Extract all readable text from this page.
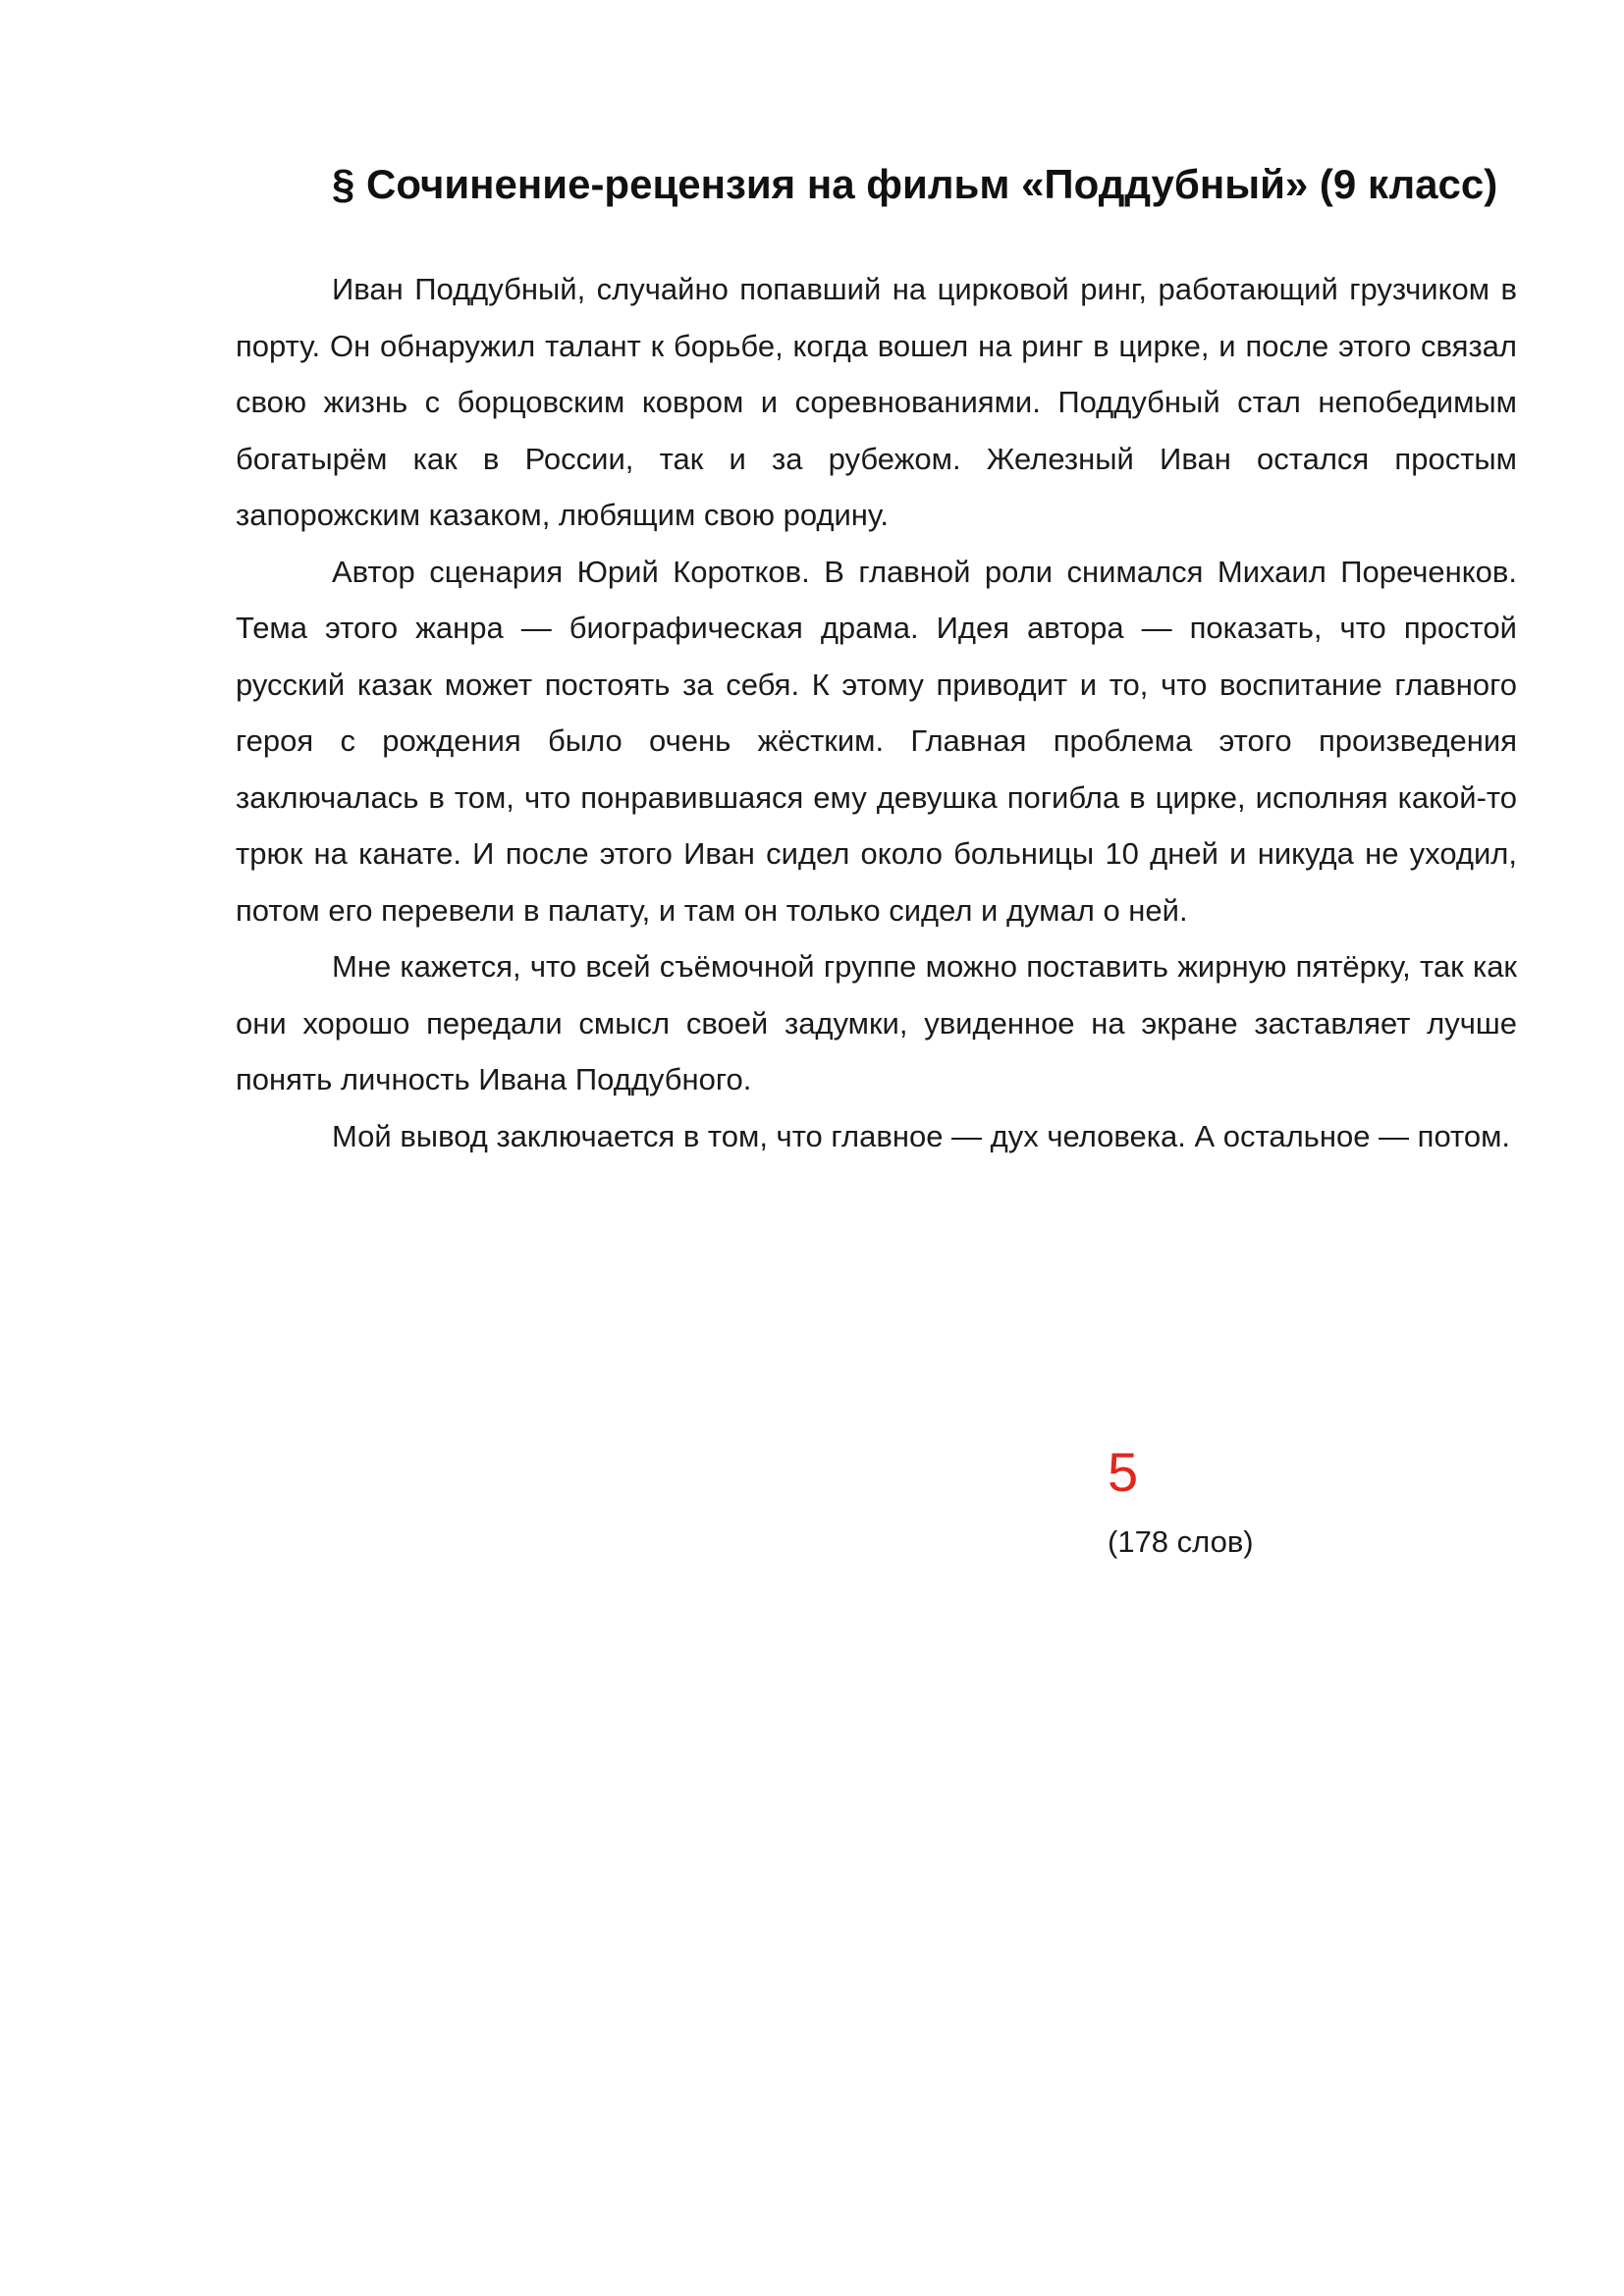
§ Сочинение-рецензия на фильм «Поддубный» (9 класс)

Иван Поддубный, случайно попавший на цирковой ринг, работающий грузчиком в порту. Он обнаружил талант к борьбе, когда вошел на ринг в цирке, и после этого связал свою жизнь с борцовским ковром и соревнованиями. Поддубный стал непобедимым богатырём как в России, так и за рубежом. Железный Иван остался простым запорожским казаком, любящим свою родину.

Автор сценария Юрий Коротков. В главной роли снимался Михаил Пореченков. Тема этого жанра — биографическая драма. Идея автора — показать, что простой русский казак может постоять за себя. К этому приводит и то, что воспитание главного героя с рождения было очень жёстким. Главная проблема этого произведения заключалась в том, что понравившаяся ему девушка погибла в цирке, исполняя какой-то трюк на канате. И после этого Иван сидел около больницы 10 дней и никуда не уходил, потом его перевели в палату, и там он только сидел и думал о ней.

Мне кажется, что всей съёмочной группе можно поставить жирную пятёрку, так как они хорошо передали смысл своей задумки, увиденное на экране заставляет лучше понять личность Ивана Поддубного.

Мой вывод заключается в том, что главное — дух человека. А остальное — потом.

5
(178 слов)
